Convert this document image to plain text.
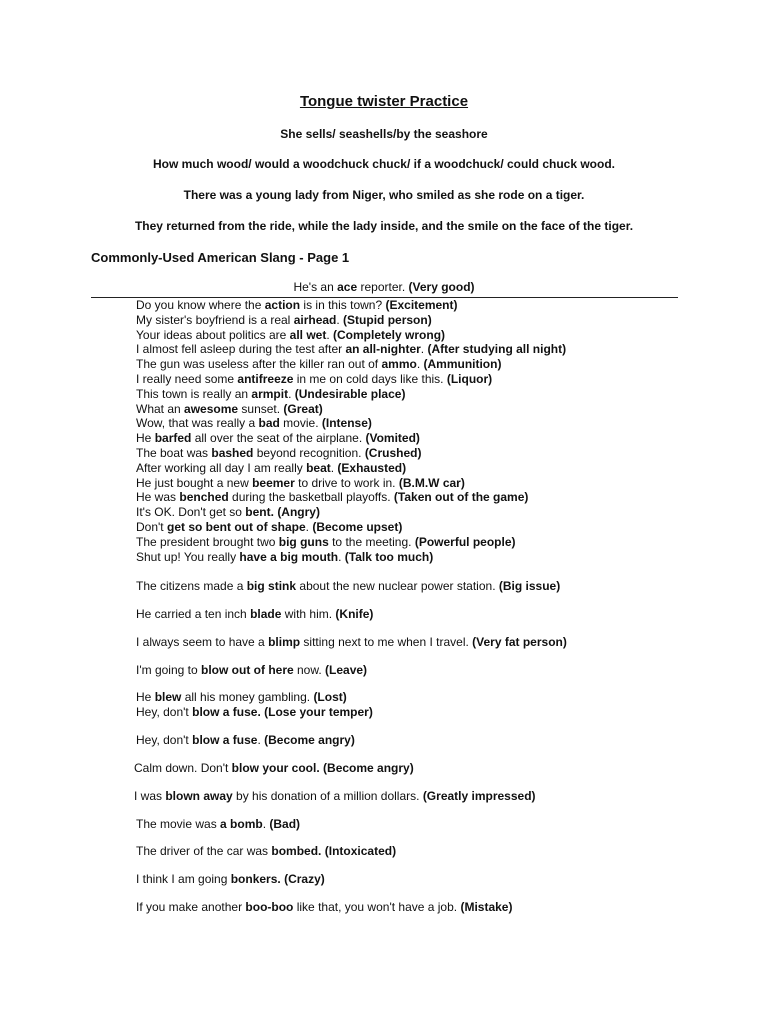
Tongue twister Practice
She sells/ seashells/by the seashore
How much wood/ would a woodchuck chuck/ if a woodchuck/ could chuck wood.
There was a young lady from Niger, who smiled as she rode on a tiger.
They returned from the ride, while the lady inside, and the smile on the face of the tiger.
Commonly-Used American Slang - Page 1
He's an ace reporter. (Very good)
Do you know where the action is in this town? (Excitement)
My sister's boyfriend is a real airhead. (Stupid person)
Your ideas about politics are all wet. (Completely wrong)
I almost fell asleep during the test after an all-nighter. (After studying all night)
The gun was useless after the killer ran out of ammo. (Ammunition)
I really need some antifreeze in me on cold days like this. (Liquor)
This town is really an armpit. (Undesirable place)
What an awesome sunset. (Great)
Wow, that was really a bad movie. (Intense)
He barfed all over the seat of the airplane. (Vomited)
The boat was bashed beyond recognition. (Crushed)
After working all day I am really beat. (Exhausted)
He just bought a new beemer to drive to work in. (B.M.W car)
He was benched during the basketball playoffs. (Taken out of the game)
It's OK. Don't get so bent. (Angry)
Don't get so bent out of shape. (Become upset)
The president brought two big guns to the meeting. (Powerful people)
Shut up! You really have a big mouth. (Talk too much)
The citizens made a big stink about the new nuclear power station. (Big issue)
He carried a ten inch blade with him. (Knife)
I always seem to have a blimp sitting next to me when I travel. (Very fat person)
I'm going to blow out of here now. (Leave)
He blew all his money gambling. (Lost)
Hey, don't blow a fuse. (Lose your temper)
Hey, don't blow a fuse. (Become angry)
Calm down. Don't blow your cool. (Become angry)
I was blown away by his donation of a million dollars. (Greatly impressed)
The movie was a bomb. (Bad)
The driver of the car was bombed. (Intoxicated)
I think I am going bonkers. (Crazy)
If you make another boo-boo like that, you won't have a job. (Mistake)
